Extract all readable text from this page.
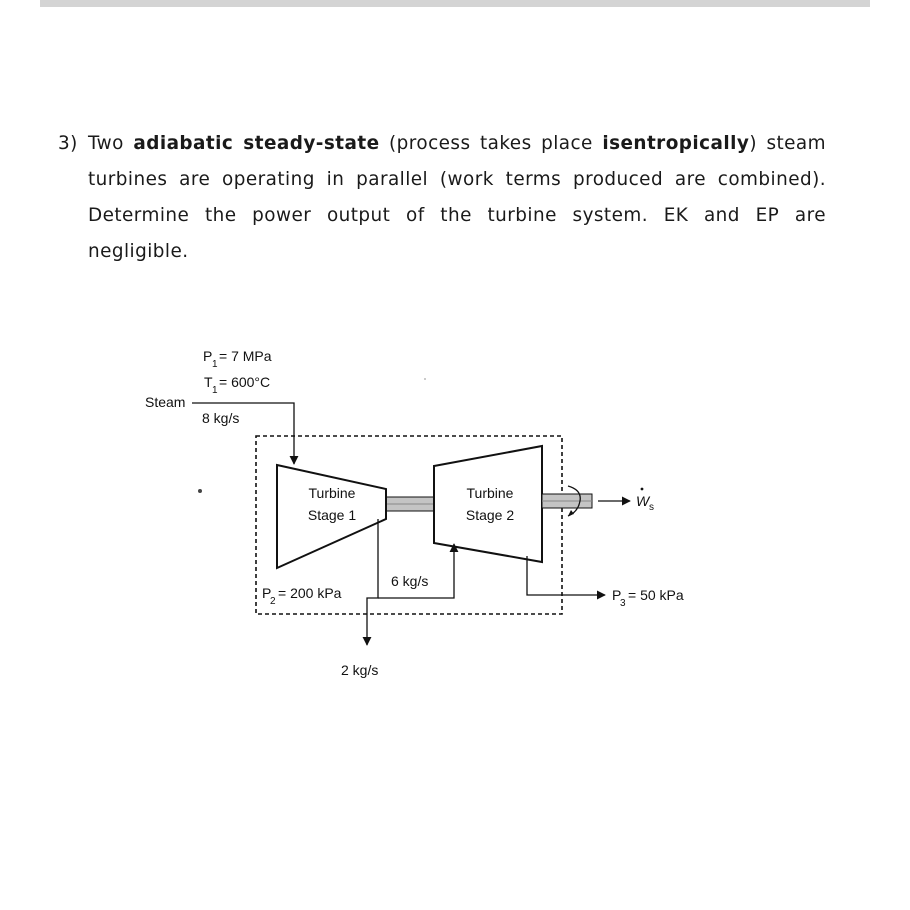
3) Two adiabatic steady-state (process takes place isentropically) steam turbines are operating in parallel (work terms produced are combined). Determine the power output of the turbine system. EK and EP are negligible.
P
1
= 7 MPa
T
1
= 600°C
Steam
8 kg/s
Turbine
Stage 1
Turbine
Stage 2
W s
P
2
= 200 kPa
6 kg/s
2 kg/s
P
3
= 50 kPa
